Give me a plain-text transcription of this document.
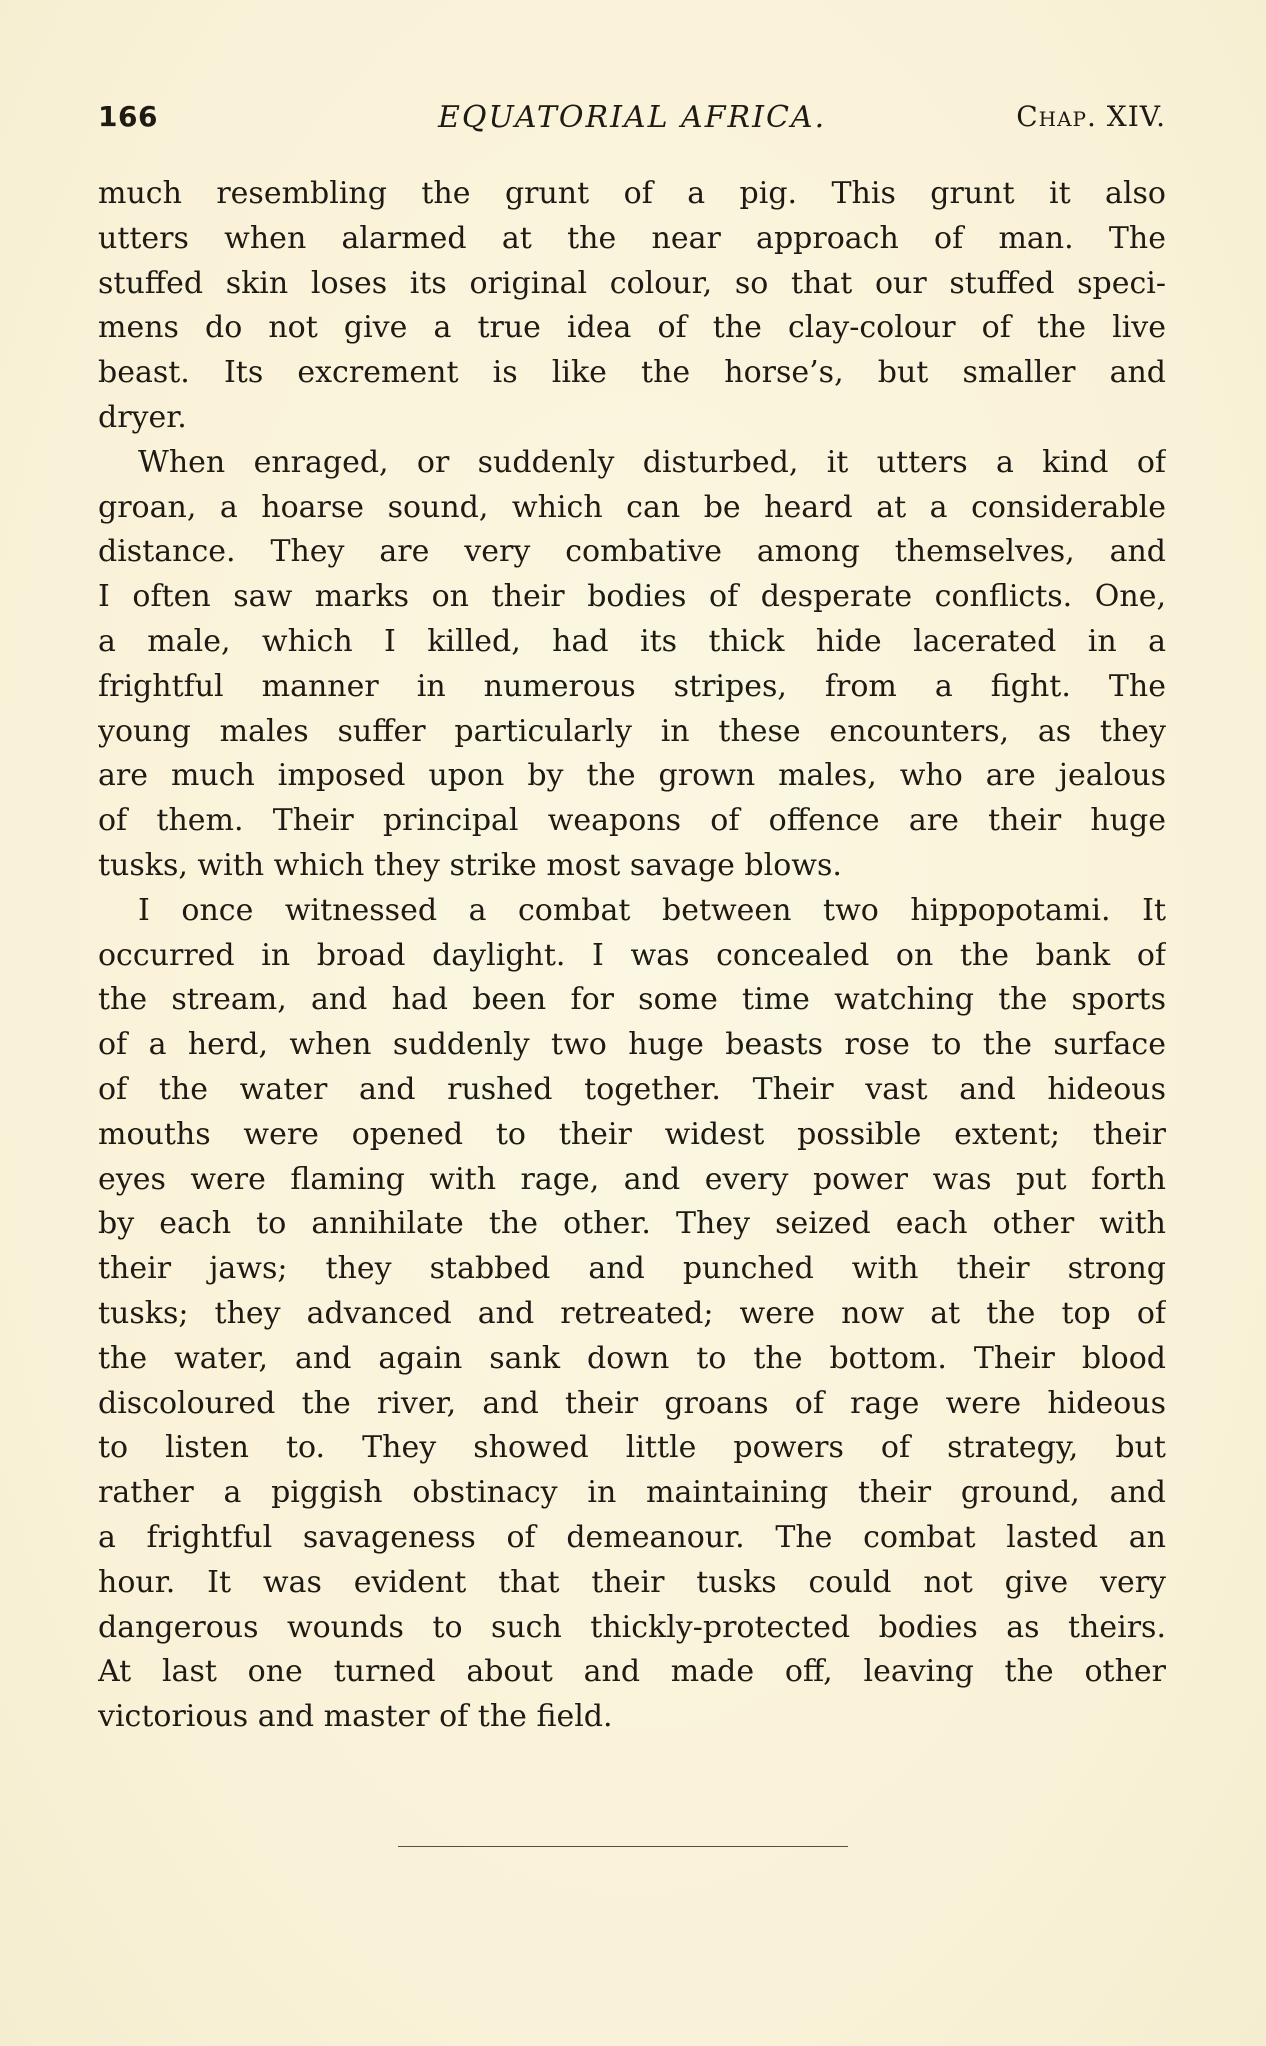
166	EQUATORIAL AFRICA.	Chap. XIV.
much resembling the grunt of a pig. This grunt it also
utters when alarmed at the near approach of man. The
stuffed skin loses its original colour, so that our stuffed speci-
mens do not give a true idea of the clay-colour of the live
beast. Its excrement is like the horse’s, but smaller and
dryer.
When enraged, or suddenly disturbed, it utters a kind of
groan, a hoarse sound, which can be heard at a considerable
distance. They are very combative among themselves, and
I often saw marks on their bodies of desperate conflicts. One,
a male, which I killed, had its thick hide lacerated in a
frightful manner in numerous stripes, from a fight. The
young males suffer particularly in these encounters, as they
are much imposed upon by the grown males, who are jealous
of them. Their principal weapons of offence are their huge
tusks, with which they strike most savage blows.
I once witnessed a combat between two hippopotami. It
occurred in broad daylight. I was concealed on the bank of
the stream, and had been for some time watching the sports
of a herd, when suddenly two huge beasts rose to the surface
of the water and rushed together. Their vast and hideous
mouths were opened to their widest possible extent; their
eyes were flaming with rage, and every power was put forth
by each to annihilate the other. They seized each other with
their jaws; they stabbed and punched with their strong
tusks; they advanced and retreated; were now at the top of
the water, and again sank down to the bottom. Their blood
discoloured the river, and their groans of rage were hideous
to listen to. They showed little powers of strategy, but
rather a piggish obstinacy in maintaining their ground, and
a frightful savageness of demeanour. The combat lasted an
hour. It was evident that their tusks could not give very
dangerous wounds to such thickly-protected bodies as theirs.
At last one turned about and made off, leaving the other
victorious and master of the field.
